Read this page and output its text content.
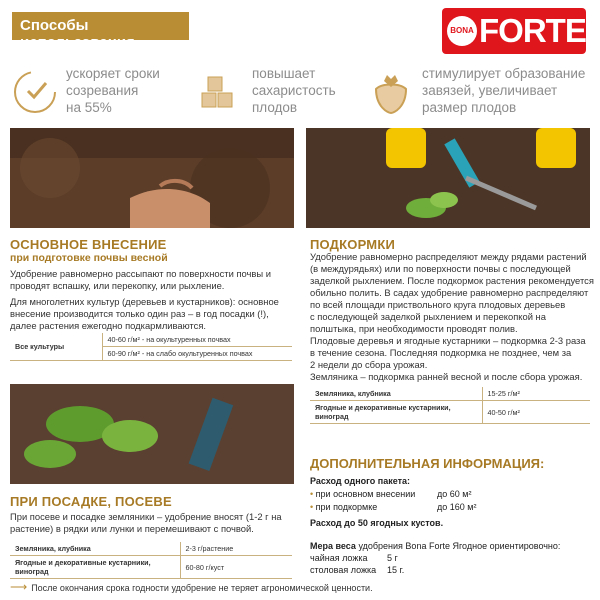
Способы использования
BONA FORTE
ускоряет сроки
созревания
на 55%
повышает
сахаристость
плодов
стимулирует образование
завязей, увеличивает
размер плодов
ОСНОВНОЕ ВНЕСЕНИЕ
при подготовке почвы весной
Удобрение равномерно рассыпают по поверхности почвы и
проводят вспашку, или перекопку, или рыхление.
Для многолетних культур (деревьев и кустарников): основное
внесение производится только один раз – в год посадки (!),
далее растения ежегодно подкармливаются.
Все культуры	40-60 г/м² - на окультуренных почвах
60-90 г/м² - на слабо окультуренных почвах
ПРИ ПОСАДКЕ, ПОСЕВЕ
При посеве и посадке земляники – удобрение вносят (1-2 г на
растение) в рядки или лунки и перемешивают с почвой.
Земляника, клубника	2-3 г/растение
Ягодные и декоративные кустарники, виноград	60-80 г/куст
ПОДКОРМКИ
Удобрение равномерно распределяют между рядами растений
(в междурядьях) или по поверхности почвы с последующей
заделкой рыхлением. После подкормок растения рекомендуется
обильно полить. В садах удобрение равномерно распределяют
по всей площади приствольного круга плодовых деревьев
с последующей заделкой рыхлением и перекопкой на
полштыка, при необходимости проводят полив.
Плодовые деревья и ягодные кустарники – подкормка 2-3 раза
в течение сезона. Последняя подкормка не позднее, чем за
2 недели до сбора урожая.
Земляника – подкормка ранней весной и после сбора урожая.
Земляника, клубника	15-25 г/м²
Ягодные и декоративные кустарники, виноград	40-50 г/м²
ДОПОЛНИТЕЛЬНАЯ ИНФОРМАЦИЯ:
Расход одного пакета:
• при основном внесении до 60 м²
• при подкормке	до 160 м²
Расход до 50 ягодных кустов.
Мера веса удобрения Bona Forte Ягодное ориентировочно:
чайная ложка 5 г
столовая ложка 15 г.
⟶ После окончания срока годности удобрение не теряет агрономической ценности.
